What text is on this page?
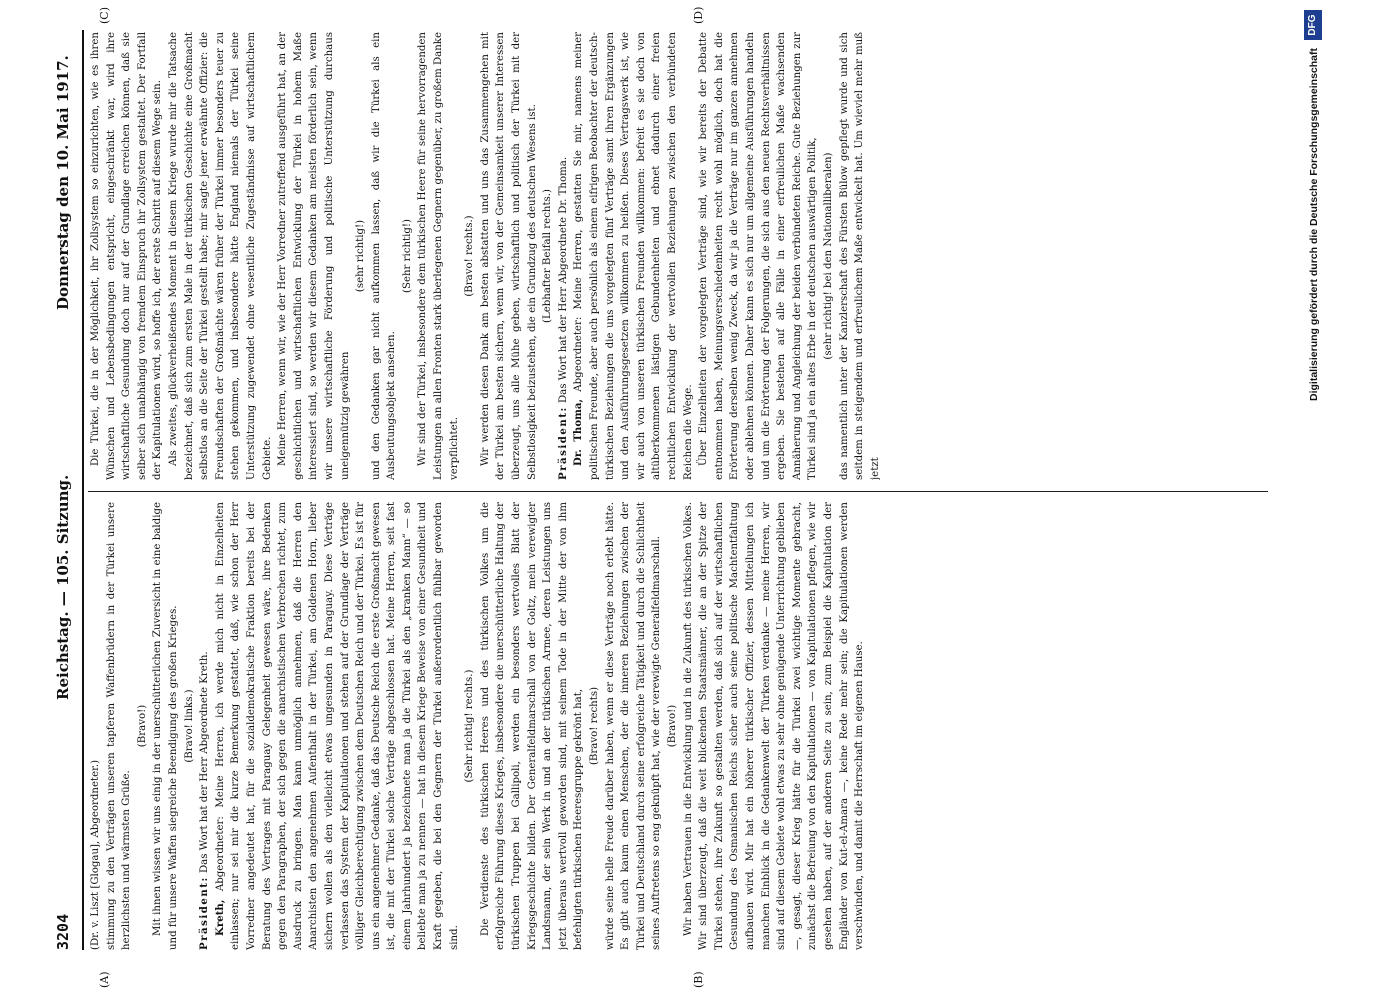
3204
Reichstag. — 105. Sitzung.
Donnerstag den 10. Mai 1917.
(A)	(B)
(C)	(D)

(Dr. v. Liszt [Glogau], Abgeordneter.) stimmung zu den Verträgen unseren tapferen Waffenbrüdern in der Türkei unsere herzlichsten und wärmsten Grüße.

(Bravo!) Mit ihnen wissen wir uns einig in der unerschütterlichen Zuversicht in eine baldige und für unsere Waffen siegreiche Beendigung des großen Krieges. (Bravo! links.)

Präsident: Das Wort hat der Herr Abgeordnete Kreth.

Kreth, Abgeordneter: Meine Herren, ich werde mich nicht in Einzelheiten einlassen; nur sei mir die kurze Bemerkung gestattet, daß, wie schon der Herr Vorredner angedeutet hat, für die sozialdemokratische Fraktion bereits bei der Beratung des Vertrages mit Paraguay Gelegenheit gewesen wäre, ihre Bedenken gegen den Paragraphen, der sich gegen die anarchistischen Verbrechen richtet, zum Ausdruck zu bringen. Man kann unmöglich annehmen, daß die Herren den Anarchisten den angenehmen Aufenthalt in der Türkei, am Goldenen Horn, lieber sichern wollen als den vielleicht etwas ungesunden in Paraguay. Diese Verträge verlassen das System der Kapitulationen und stehen auf der Grundlage der Verträge völliger Gleichberechtigung zwischen dem Deutschen Reich und der Türkei. Es ist für uns ein angenehmer Gedanke, daß das Deutsche Reich die erste Großmacht gewesen ist, die mit der Türkei solche Verträge abgeschlossen hat. Meine Herren, seit fast einem Jahrhundert ja bezeichnete man ja die Türkei als den „kranken Mann“ — so beliebte man ja zu nennen — hat in diesem Kriege Beweise von einer Gesundheit und Kraft gegeben, die bei den Gegnern der Türkei außerordentlich fühlbar geworden sind.

(Sehr richtig! rechts.) Die Verdienste des türkischen Heeres und des türkischen Volkes um die erfolgreiche Führung dieses Krieges, insbesondere die unerschütterliche Haltung der türkischen Truppen bei Gallipoli, werden ein besonders wertvolles Blatt der Kriegsgeschichte bilden. Der Generalfeldmarschall von der Goltz, mein verewigter Landsmann, der sein Werk in und an der türkischen Armee, deren Leistungen uns jetzt überaus wertvoll geworden sind, mit seinem Tode in der Mitte der von ihm befehligten türkischen Heeresgruppe gekrönt hat, (Bravo! rechts) würde seine helle Freude darüber haben, wenn er diese Verträge noch erlebt hätte. Es gibt auch kaum einen Menschen, der die inneren Beziehungen zwischen der Türkei und Deutschland durch seine erfolgreiche Tätigkeit und durch die Schlichtheit seines Auftretens so eng geknüpft hat, wie der verewigte Generalfeldmarschall. (Bravo!) Wir haben Vertrauen in die Entwicklung und in die Zukunft des türkischen Volkes. Wir sind überzeugt, daß die weit blickenden Staatsmänner, die an der Spitze der Türkei stehen, ihre Zukunft so gestalten werden, daß sich auf der wirtschaftlichen Gesundung des Osmanischen Reichs sicher auch seine politische Machtentfaltung aufbauen wird. Mir hat ein höherer türkischer Offizier, dessen Mitteilungen ich manchen Einblick in die Gedankenwelt der Türken verdanke — meine Herren, wir sind auf diesem Gebiete wohl etwas zu sehr ohne genügende Unterrichtung geblieben —, gesagt, dieser Krieg hätte für die Türkei zwei wichtige Momente gebracht, zunächst die Befreiung von den Kapitulationen — von Kapitulationen pflegen, wie wir gesehen haben, auf der anderen Seite zu sein, zum Beispiel die Kapitulation der Engländer von Kut-el-Amara —, keine Rede mehr sein; die Kapitulationen werden verschwinden, und damit die Herrschaft im eigenen Hause.

Die Türkei, die in der Möglichkeit, ihr Zollsystem so einzurichten, wie es ihren Wünschen und Lebensbedingungen entspricht, eingeschränkt war, wird ihre wirtschaftliche Gesundung doch nur auf der Grundlage erreichen können, daß sie selber sich unabhängig von fremdem Einspruch ihr Zollsystem gestaltet. Der Fortfall der Kapitulationen wird, so hoffe ich, der erste Schritt auf diesem Wege sein. Als zweites, glückverheißendes Moment in diesem Kriege wurde mir die Tatsache bezeichnet, daß sich zum ersten Male in der türkischen Geschichte eine Großmacht selbstlos an die Seite der Türkei gestellt habe; mir sagte jener erwähnte Offizier: die Freundschaften der Großmächte wären früher der Türkei immer besonders teuer zu stehen gekommen, und insbesondere hätte England niemals der Türkei seine Unterstützung zugewendet ohne wesentliche Zugeständnisse auf wirtschaftlichem Gebiete. Meine Herren, wenn wir, wie der Herr Vorredner zutreffend ausgeführt hat, an der geschichtlichen und wirtschaftlichen Entwicklung der Türkei in hohem Maße interessiert sind, so werden wir diesem Gedanken am meisten förderlich sein, wenn wir unsere wirtschaftliche Förderung und politische Unterstützung durchaus uneigennützig gewähren

(sehr richtig!) und den Gedanken gar nicht aufkommen lassen, daß wir die Türkei als ein Ausbeutungsobjekt ansehen.

(Sehr richtig!) Wir sind der Türkei, insbesondere dem türkischen Heere für seine hervorragenden Leistungen an allen Fronten stark überlegenen Gegnern gegenüber, zu großem Danke verpflichtet.

(Bravo! rechts.) Wir werden diesen Dank am besten abstatten und uns das Zusammengehen mit der Türkei am besten sichern, wenn wir, von der Gemeinsamkeit unserer Interessen überzeugt, uns alle Mühe geben, wirtschaftlich und politisch der Türkei mit der Selbstlosigkeit beizustehen, die ein Grundzug des deutschen Wesens ist. (Lebhafter Beifall rechts.)

Präsident: Das Wort hat der Herr Abgeordnete Dr. Thoma.

Dr. Thoma, Abgeordneter: Meine Herren, gestatten Sie mir, namens meiner politischen Freunde, aber auch persönlich als einem eifrigen Beobachter der deutsch-türkischen Beziehungen die uns vorgelegten fünf Verträge samt ihren Ergänzungen und den Ausführungsgesetzen willkommen zu heißen. Dieses Vertragswerk ist, wie wir auch von unseren türkischen Freunden willkommen: befreit es sie doch von altüberkommenen lästigen Gebundenheiten und ebnet dadurch einer freien rechtlichen Entwicklung der wertvollen Beziehungen zwischen den verbündeten Reichen die Wege. Über Einzelheiten der vorgelegten Verträge sind, wie wir bereits der Debatte entnommen haben, Meinungsverschiedenheiten recht wohl möglich, doch hat die Erörterung derselben wenig Zweck, da wir ja die Verträge nur im ganzen annehmen oder ablehnen können. Daher kann es sich nur um allgemeine Ausführungen handeln und um die Erörterung der Folgerungen, die sich aus den neuen Rechtsverhältnissen ergeben. Sie bestehen auf alle Fälle in einer erfreulichen Maße wachsenden Annäherung und Angleichung der beiden verbündeten Reiche. Gute Beziehungen zur Türkei sind ja ein altes Erbe in der deutschen auswärtigen Politik, (sehr richtig! bei den Nationalliberalen) das namentlich unter der Kanzlerschaft des Fürsten Bülow gepflegt wurde und sich seitdem in steigendem und erfreulichem Maße entwickelt hat. Um wieviel mehr muß jetzt

Digitalisierung gefördert durch die Deutsche Forschungsgemeinschaft
DFG
